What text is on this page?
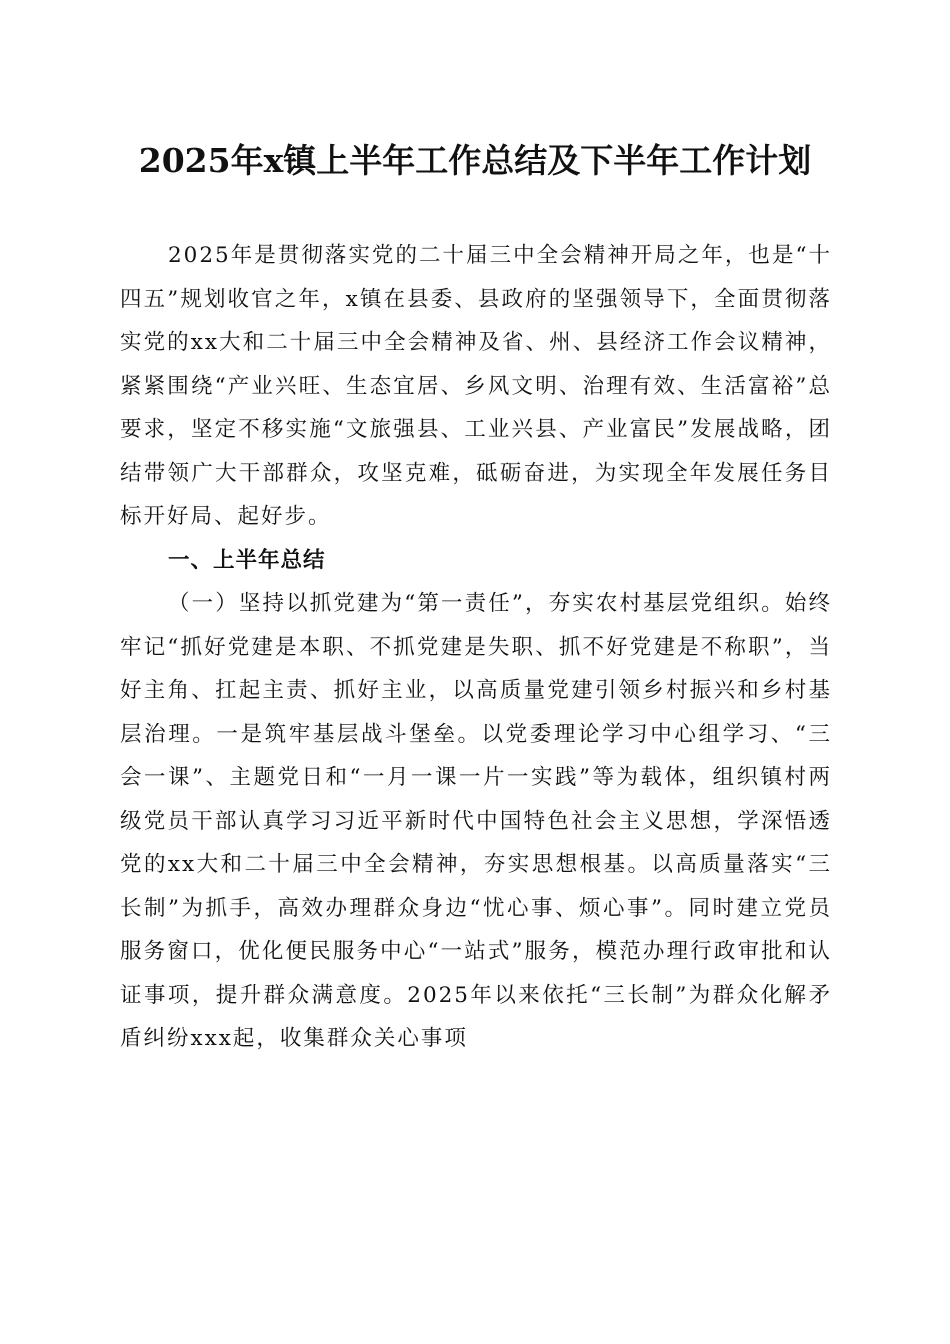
2025年x镇上半年工作总结及下半年工作计划

2025年是贯彻落实党的二十届三中全会精神开局之年，也是“十四五”规划收官之年，x镇在县委、县政府的坚强领导下，全面贯彻落实党的xx大和二十届三中全会精神及省、州、县经济工作会议精神，紧紧围绕“产业兴旺、生态宜居、乡风文明、治理有效、生活富裕”总要求，坚定不移实施“文旅强县、工业兴县、产业富民”发展战略，团结带领广大干部群众，攻坚克难，砥砺奋进，为实现全年发展任务目标开好局、起好步。

一、上半年总结

（一）坚持以抓党建为“第一责任”，夯实农村基层党组织。始终牢记“抓好党建是本职、不抓党建是失职、抓不好党建是不称职”，当好主角、扛起主责、抓好主业，以高质量党建引领乡村振兴和乡村基层治理。一是筑牢基层战斗堡垒。以党委理论学习中心组学习、“三会一课”、主题党日和“一月一课一片一实践”等为载体，组织镇村两级党员干部认真学习习近平新时代中国特色社会主义思想，学深悟透党的xx大和二十届三中全会精神，夯实思想根基。以高质量落实“三长制”为抓手，高效办理群众身边“忧心事、烦心事”。同时建立党员服务窗口，优化便民服务中心“一站式”服务，模范办理行政审批和认证事项，提升群众满意度。2025年以来依托“三长制”为群众化解矛盾纠纷xxx起，收集群众关心事项
